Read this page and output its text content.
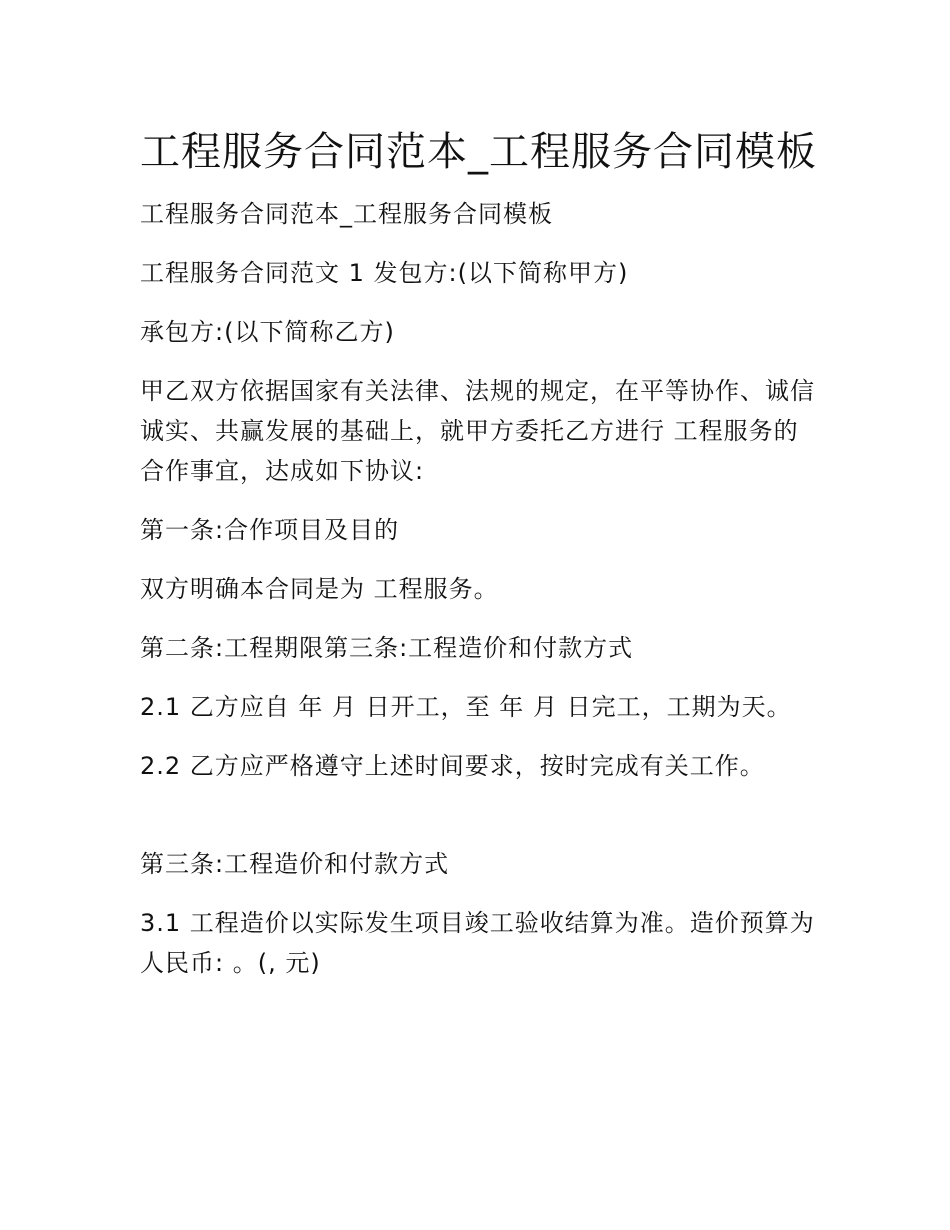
工程服务合同范本_工程服务合同模板

工程服务合同范本_工程服务合同模板

工程服务合同范文 1 发包方:(以下简称甲方)

承包方:(以下简称乙方)

甲乙双方依据国家有关法律、法规的规定，在平等协作、诚信诚实、共赢发展的基础上，就甲方委托乙方进行 工程服务的合作事宜，达成如下协议:

第一条:合作项目及目的

双方明确本合同是为 工程服务。

第二条:工程期限第三条:工程造价和付款方式

2.1 乙方应自 年 月 日开工，至 年 月 日完工，工期为天。

2.2 乙方应严格遵守上述时间要求，按时完成有关工作。

第三条:工程造价和付款方式

3.1 工程造价以实际发生项目竣工验收结算为准。造价预算为 人民币: 。(, 元)
